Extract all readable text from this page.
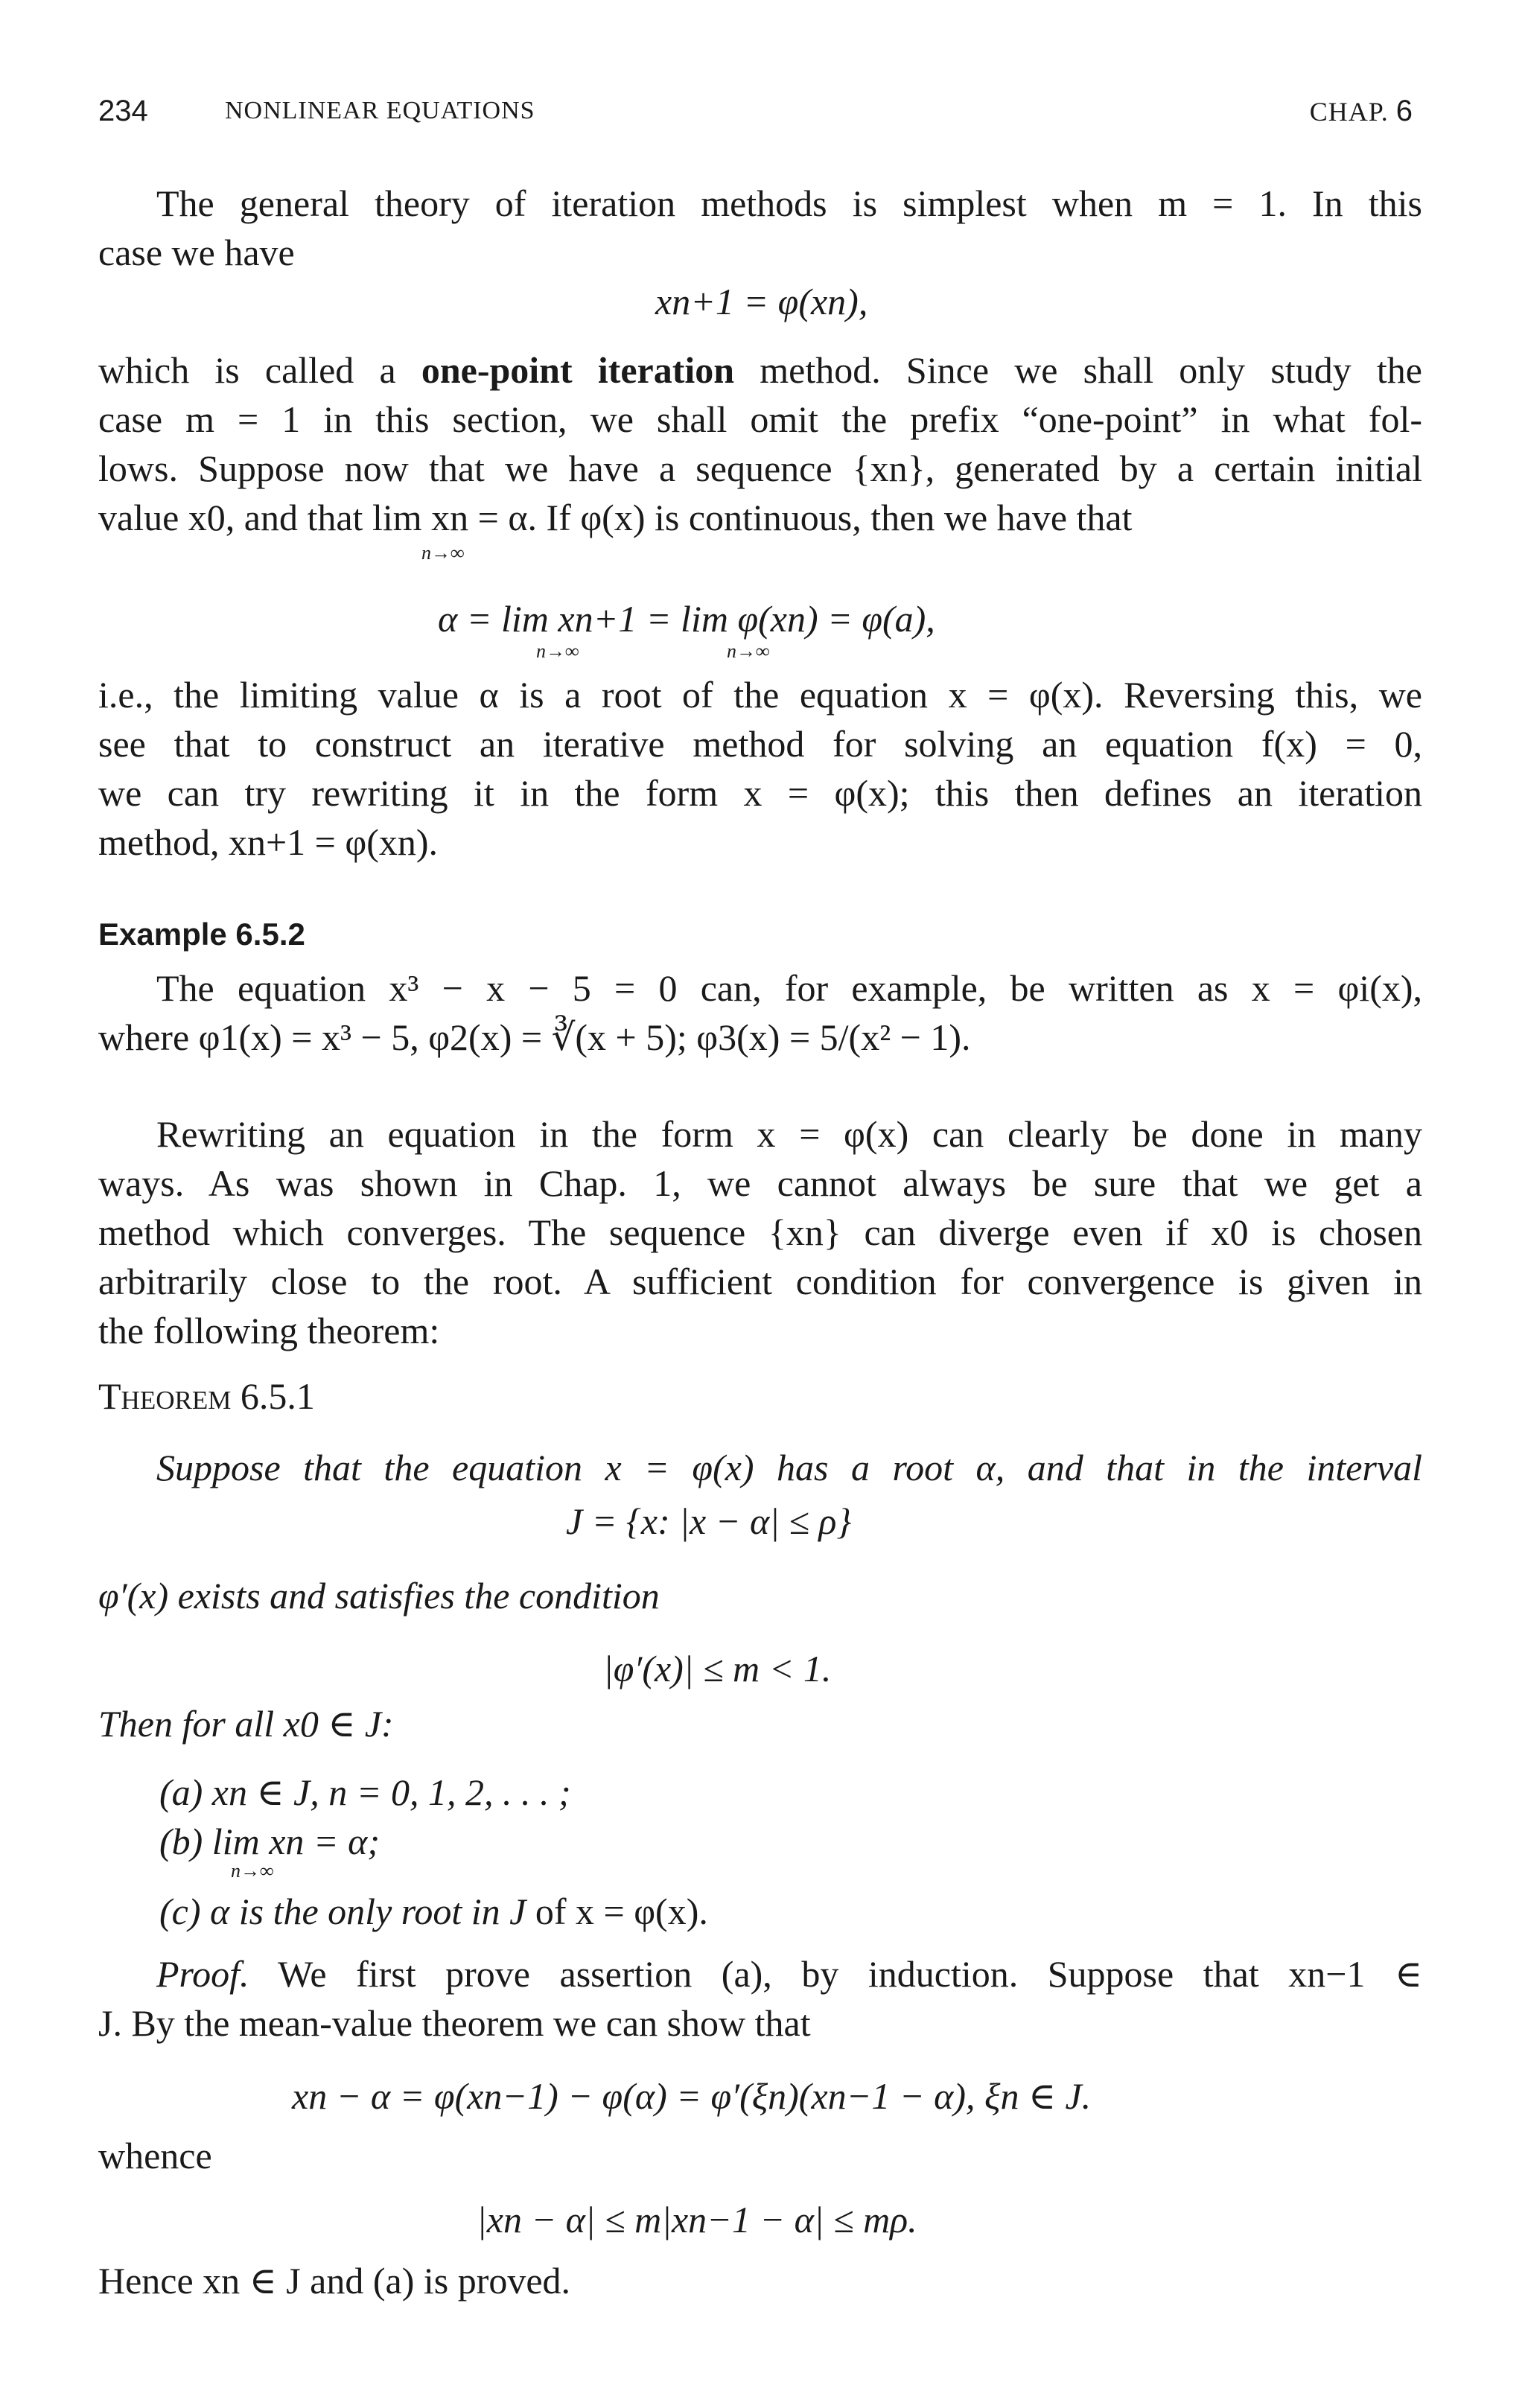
234	NONLINEAR EQUATIONS	CHAP. 6
The general theory of iteration methods is simplest when m = 1. In this
case we have
xn+1 = φ(xn),
which is called a one-point iteration method. Since we shall only study the
case m = 1 in this section, we shall omit the prefix “one-point” in what fol-
lows. Suppose now that we have a sequence {xn}, generated by a certain initial
value x0, and that lim xn = α. If φ(x) is continuous, then we have that
n→∞
α = lim xn+1 = lim φ(xn) = φ(a),
n→∞	n→∞
i.e., the limiting value α is a root of the equation x = φ(x). Reversing this, we
see that to construct an iterative method for solving an equation f(x) = 0,
we can try rewriting it in the form x = φ(x); this then defines an iteration
method, xn+1 = φ(xn).
Example 6.5.2
The equation x³ − x − 5 = 0 can, for example, be written as x = φi(x),
where φ1(x) = x³ − 5, φ2(x) = ∛(x + 5); φ3(x) = 5/(x² − 1).
Rewriting an equation in the form x = φ(x) can clearly be done in many
ways. As was shown in Chap. 1, we cannot always be sure that we get a
method which converges. The sequence {xn} can diverge even if x0 is chosen
arbitrarily close to the root. A sufficient condition for convergence is given in
the following theorem:
Theorem 6.5.1
Suppose that the equation x = φ(x) has a root α, and that in the interval
J = {x: |x − α| ≤ ρ}
φ′(x) exists and satisfies the condition
|φ′(x)| ≤ m < 1.
Then for all x0 ∈ J:
(a) xn ∈ J, n = 0, 1, 2, . . . ;
(b) lim xn = α;
n→∞
(c) α is the only root in J of x = φ(x).
Proof. We first prove assertion (a), by induction. Suppose that xn−1 ∈
J. By the mean-value theorem we can show that
xn − α = φ(xn−1) − φ(α) = φ′(ξn)(xn−1 − α), ξn ∈ J.
whence
|xn − α| ≤ m|xn−1 − α| ≤ mρ.
Hence xn ∈ J and (a) is proved.
